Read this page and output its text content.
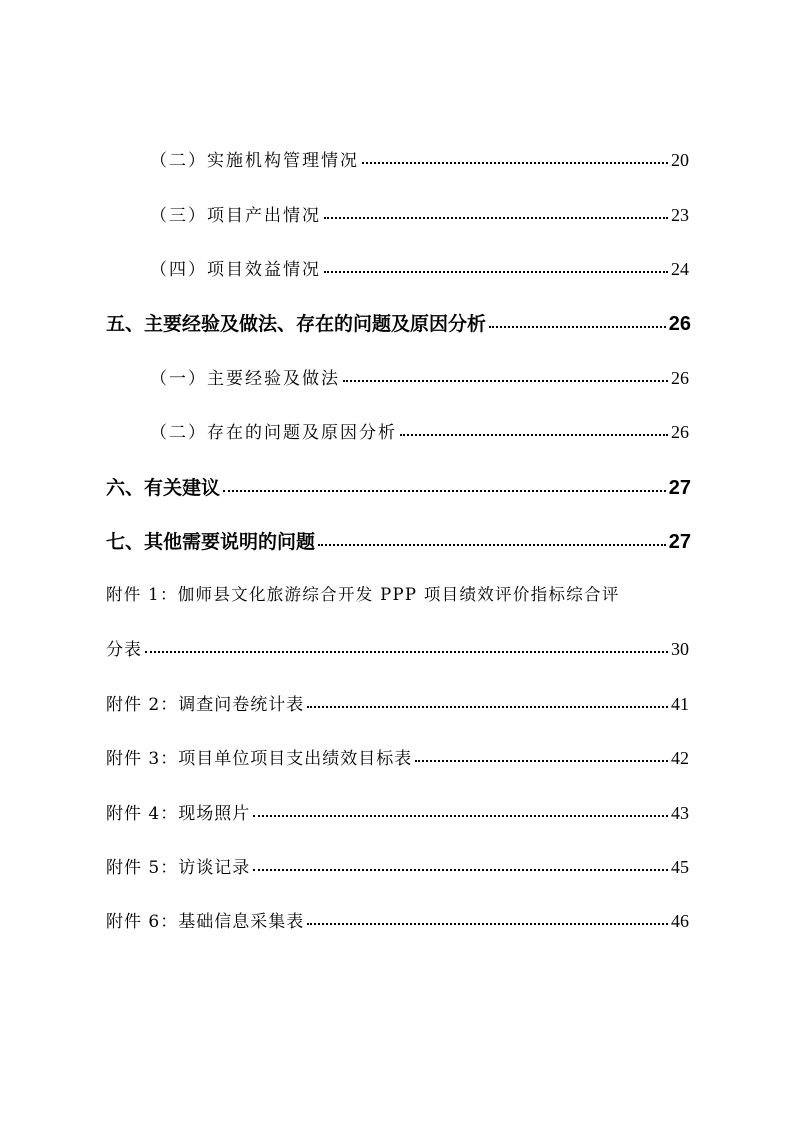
（二）实施机构管理情况	20
（三）项目产出情况	23
（四）项目效益情况	24
五、主要经验及做法、存在的问题及原因分析	26
（一）主要经验及做法	26
（二）存在的问题及原因分析	26
六、有关建议	27
七、其他需要说明的问题	27
附件 1：伽师县文化旅游综合开发 PPP 项目绩效评价指标综合评
分表	30
附件 2：调查问卷统计表	41
附件 3：项目单位项目支出绩效目标表	42
附件 4：现场照片	43
附件 5：访谈记录	45
附件 6：基础信息采集表	46
